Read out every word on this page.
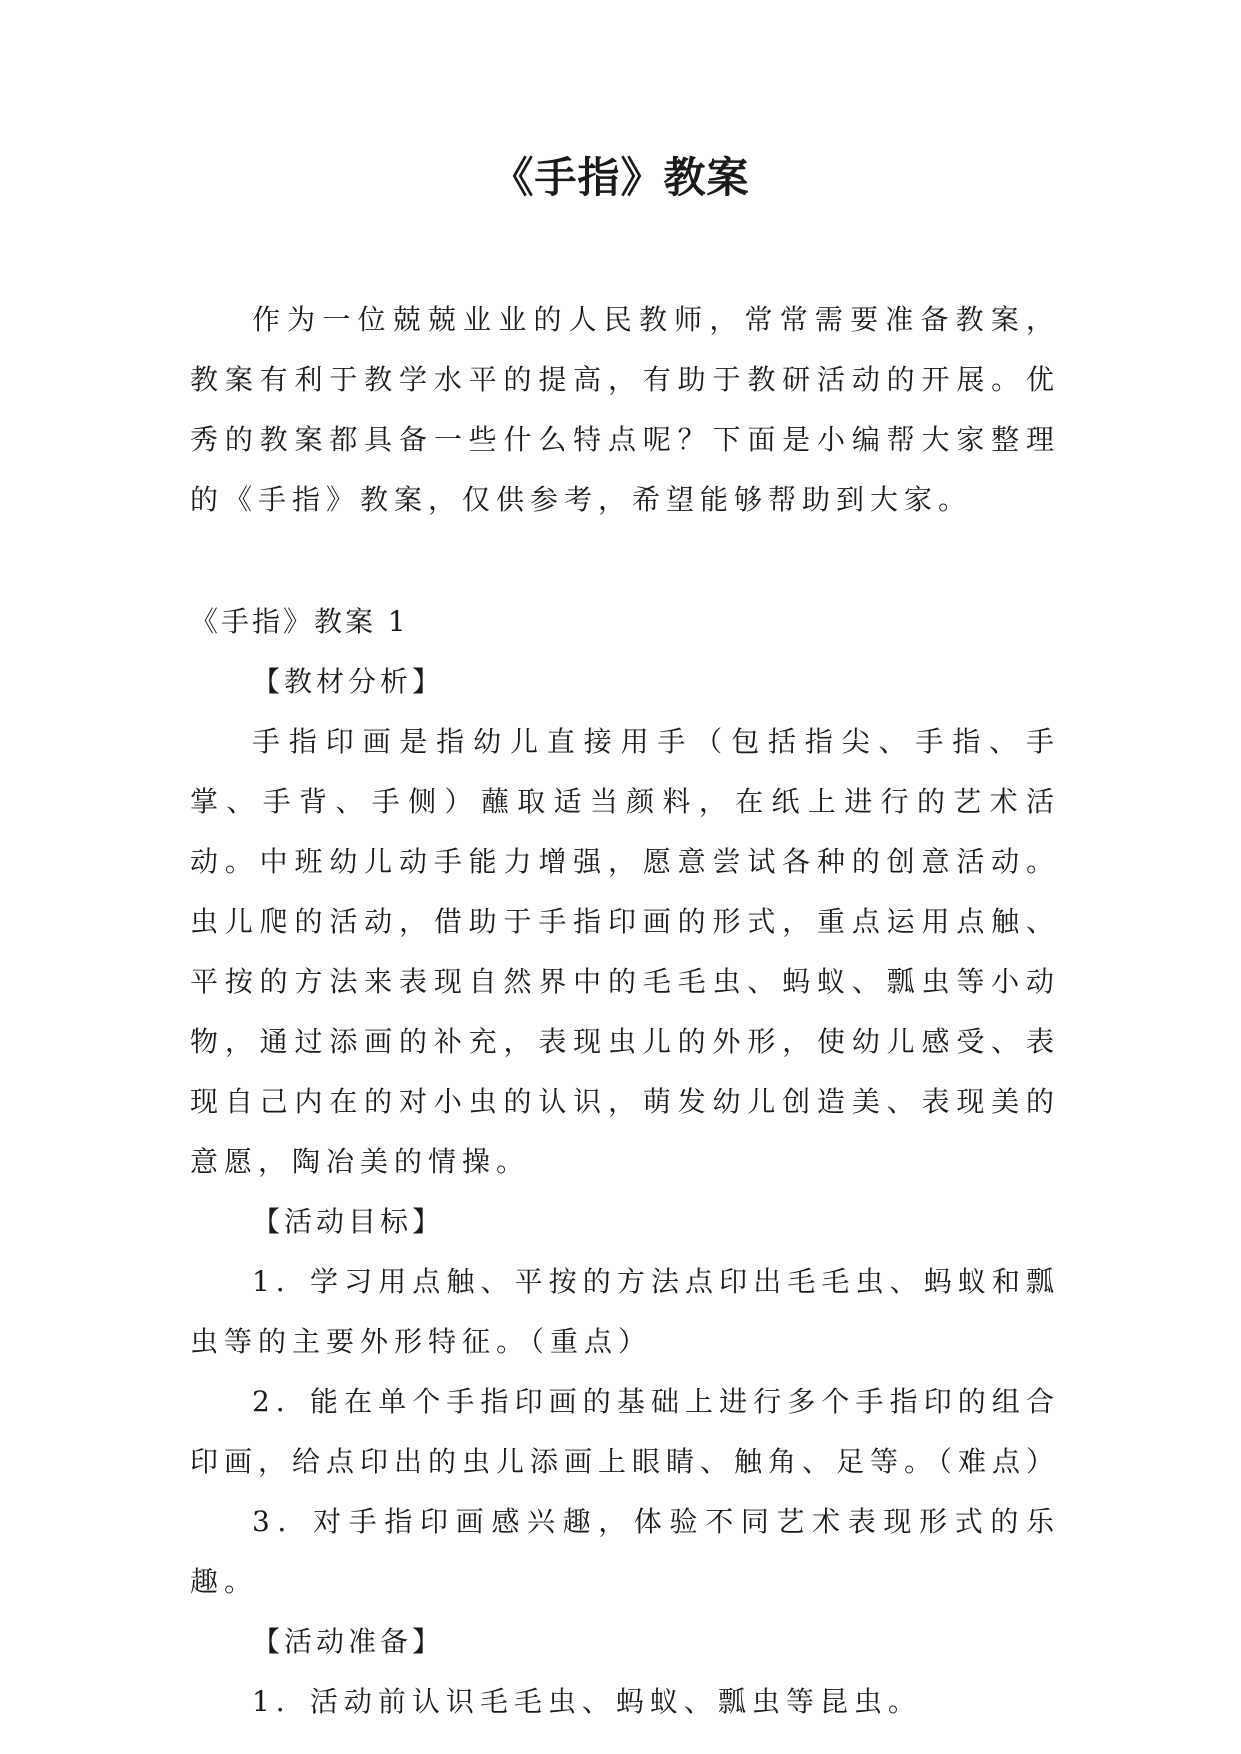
《手指》教案

作为一位兢兢业业的人民教师，常常需要准备教案，教案有利于教学水平的提高，有助于教研活动的开展。优秀的教案都具备一些什么特点呢？下面是小编帮大家整理的《手指》教案，仅供参考，希望能够帮助到大家。

《手指》教案 1

【教材分析】

手指印画是指幼儿直接用手（包括指尖、手指、手掌、手背、手侧）蘸取适当颜料，在纸上进行的艺术活动。中班幼儿动手能力增强，愿意尝试各种的创意活动。虫儿爬的活动，借助于手指印画的形式，重点运用点触、平按的方法来表现自然界中的毛毛虫、蚂蚁、瓢虫等小动物，通过添画的补充，表现虫儿的外形，使幼儿感受、表现自己内在的对小虫的认识，萌发幼儿创造美、表现美的意愿，陶冶美的情操。

【活动目标】

1．学习用点触、平按的方法点印出毛毛虫、蚂蚁和瓢虫等的主要外形特征。（重点）

2．能在单个手指印画的基础上进行多个手指印的组合印画，给点印出的虫儿添画上眼睛、触角、足等。（难点）

3．对手指印画感兴趣，体验不同艺术表现形式的乐趣。

【活动准备】

1．活动前认识毛毛虫、蚂蚁、瓢虫等昆虫。
